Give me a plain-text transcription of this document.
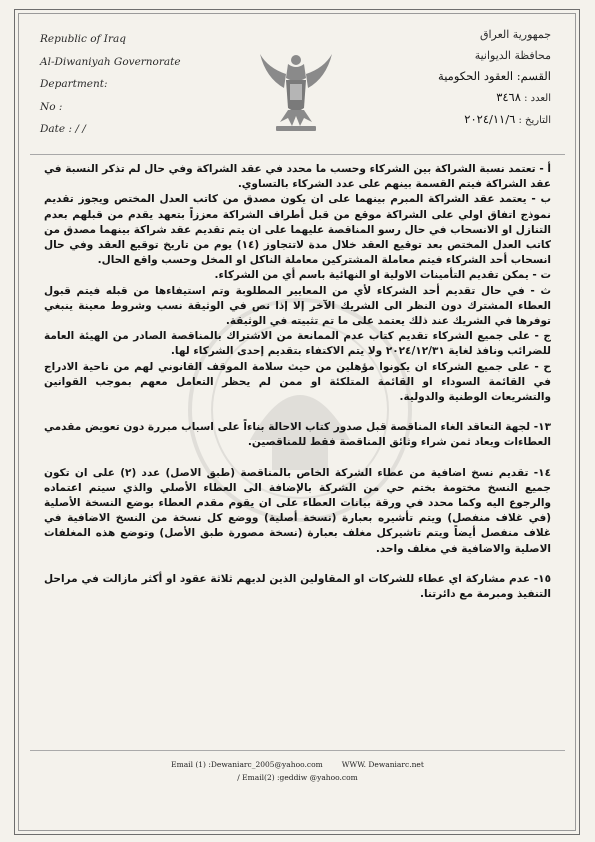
Republic of Iraq
Al-Diwaniyah Governorate
Department:
No :
Date : / /
جمهورية العراق
محافظة الديوانية
القسم: العقود الحكومية
العدد : ٣٤٦٨
التاريخ : ٢٠٢٤/١١/٦

أ - تعتمد نسبة الشراكة بين الشركاء وحسب ما محدد في عقد الشراكة وفي حال لم تذكر النسبة في عقد الشراكة فيتم القسمة بينهم على عدد الشركاء بالتساوي.

ب - يعتمد عقد الشراكة المبرم بينهما على ان يكون مصدق من كاتب العدل المختص ويجوز تقديم نموذج اتفاق اولي على الشراكة موقع من قبل أطراف الشراكة معززاً بتعهد يقدم من قبلهم بعدم التنازل او الانسحاب في حال رسو المناقصة عليهما على ان يتم تقديم عقد شراكة بينهما مصدق من كاتب العدل المختص بعد توقيع العقد خلال مدة لاتتجاوز (١٤) يوم من تاريخ توقيع العقد وفي حال انسحاب أحد الشركاء فيتم معاملة المشتركين معاملة الناكل او المخل وحسب واقع الحال.

ت - يمكن تقديم التأمينات الاولية او النهائية باسم أي من الشركاء.

ث - في حال تقديم أحد الشركاء لأي من المعايير المطلوبة وتم استيفاءها من قبله فيتم قبول العطاء المشترك دون النظر الى الشريك الآخر إلا إذا نص في الوثيقة نسب وشروط معينة ينبغي توفرها في الشريك عند ذلك يعتمد على ما تم تثبيته في الوثيقة.

ج - على جميع الشركاء تقديم كتاب عدم الممانعة من الاشتراك بالمناقصة الصادر من الهيئة العامة للضرائب ونافذ لغاية ٢٠٢٤/١٢/٣١ ولا يتم الاكتفاء بتقديم إحدى الشركاء لها.

ح - على جميع الشركاء ان يكونوا مؤهلين من حيث سلامة الموقف القانوني لهم من ناحية الادراج في القائمة السوداء او القائمة المتلكئة او ممن لم يحظر التعامل معهم بموجب القوانين والتشريعات الوطنية والدولية.

١٣- لجهة التعاقد الغاء المناقصة قبل صدور كتاب الاحالة بناءاً على اسباب مبررة دون تعويض مقدمي العطاءات ويعاد ثمن شراء وثائق المناقصة فقط للمناقصين.

١٤- تقديم نسخ اضافية من عطاء الشركة الخاص بالمناقصة (طبق الاصل) عدد (٢) على ان تكون جميع النسخ مختومة بختم حي من الشركة بالإضافة الى العطاء الأصلي والذي سيتم اعتماده والرجوع اليه وكما محدد في ورقة بيانات العطاء على ان يقوم مقدم العطاء بوضع النسخة الأصلية (في غلاف منفصل) ويتم تأشيره بعبارة (نسخة أصلية) ووضع كل نسخة من النسخ الاضافية في غلاف منفصل أيضاً ويتم تاشيركل مغلف بعبارة (نسخة مصورة طبق الأصل) وتوضع هذه المغلفات الاصلية والاضافية في مغلف واحد.

١٥- عدم مشاركة اي عطاء للشركات او المقاولين الذين لديهم ثلاثة عقود او أكثر مازالت في مراحل التنفيذ ومبرمة مع دائرتنا.

Email (1) :Dewaniarc_2005@yahoo.com	WWW. Dewaniarc.net
/ Email(2) :geddiw @yahoo.com
